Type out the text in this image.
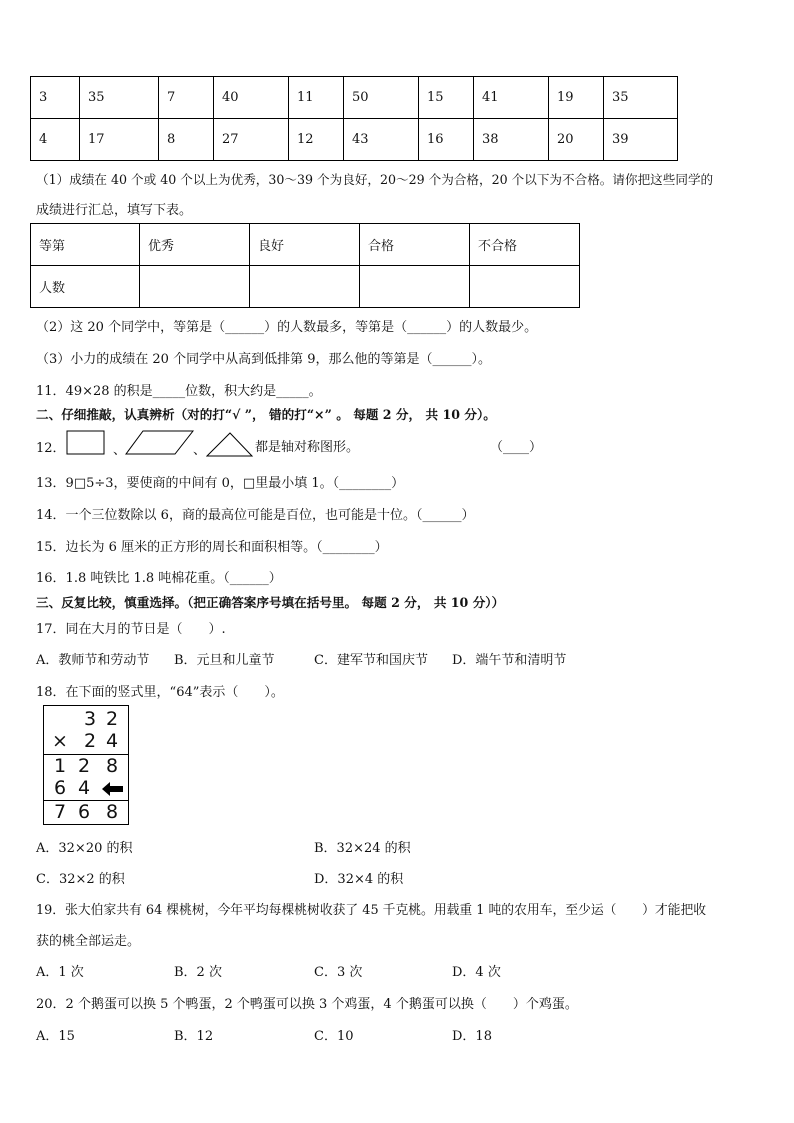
3	35	7	40	11	50	15	41	19	35
4	17	8	27	12	43	16	38	20	39
（1）成绩在 40 个或 40 个以上为优秀，30～39 个为良好，20～29 个为合格，20 个以下为不合格。请你把这些同学的
成绩进行汇总，填写下表。
等第	优秀	良好	合格	不合格
人数				
（2）这 20 个同学中，等第是（______）的人数最多，等第是（______）的人数最少。
（3）小力的成绩在 20 个同学中从高到低排第 9，那么他的等第是（______）。
11．49×28 的积是_____位数，积大约是_____。
二、仔细推敲，认真辨析（对的打“√ ”， 错的打“×” 。 每题 2 分， 共 10 分）。
12．	、	、	都是轴对称图形。	（____）
13．9□5÷3，要使商的中间有 0，□里最小填 1。（________）
14．一个三位数除以 6，商的最高位可能是百位，也可能是十位。（______）
15．边长为 6 厘米的正方形的周长和面积相等。（________）
16．1.8 吨铁比 1.8 吨棉花重。（______）
三、反复比较，慎重选择。（把正确答案序号填在括号里。 每题 2 分， 共 10 分））
17．同在大月的节日是（　　）.
A．教师节和劳动节 B．元旦和儿童节	C．建军节和国庆节 D．端午节和清明节
18．在下面的竖式里，“64”表示（　　）。
3 2
× 2 4
1 2 8
6 4
7 6 8
A．32×20 的积	B．32×24 的积
C．32×2 的积	D．32×4 的积
19．张大伯家共有 64 棵桃树，今年平均每棵桃树收获了 45 千克桃。用载重 1 吨的农用车，至少运（　　）才能把收
获的桃全部运走。
A．1 次	B．2 次	C．3 次	D．4 次
20．2 个鹅蛋可以换 5 个鸭蛋，2 个鸭蛋可以换 3 个鸡蛋，4 个鹅蛋可以换（　　）个鸡蛋。
A．15	B．12	C．10	D．18
